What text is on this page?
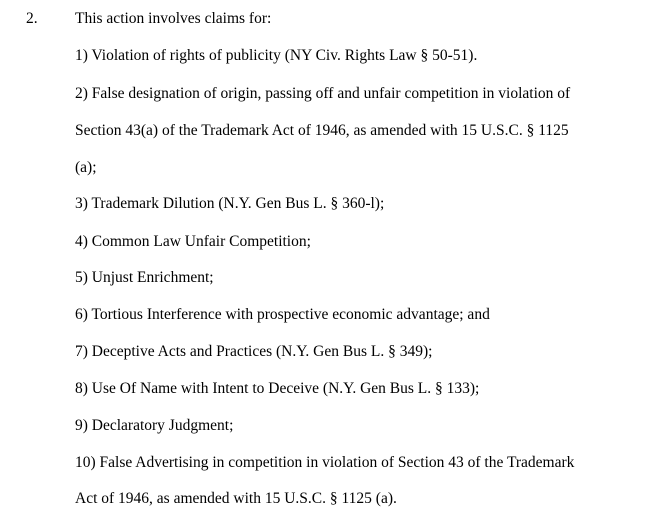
2. This action involves claims for:
1) Violation of rights of publicity (NY Civ. Rights Law § 50-51).
2) False designation of origin, passing off and unfair competition in violation of
Section 43(a) of the Trademark Act of 1946, as amended with 15 U.S.C. § 1125
(a);
3) Trademark Dilution (N.Y. Gen Bus L. § 360-l);
4) Common Law Unfair Competition;
5) Unjust Enrichment;
6) Tortious Interference with prospective economic advantage; and
7) Deceptive Acts and Practices (N.Y. Gen Bus L. § 349);
8) Use Of Name with Intent to Deceive (N.Y. Gen Bus L. § 133);
9) Declaratory Judgment;
10) False Advertising in competition in violation of Section 43 of the Trademark
Act of 1946, as amended with 15 U.S.C. § 1125 (a).
